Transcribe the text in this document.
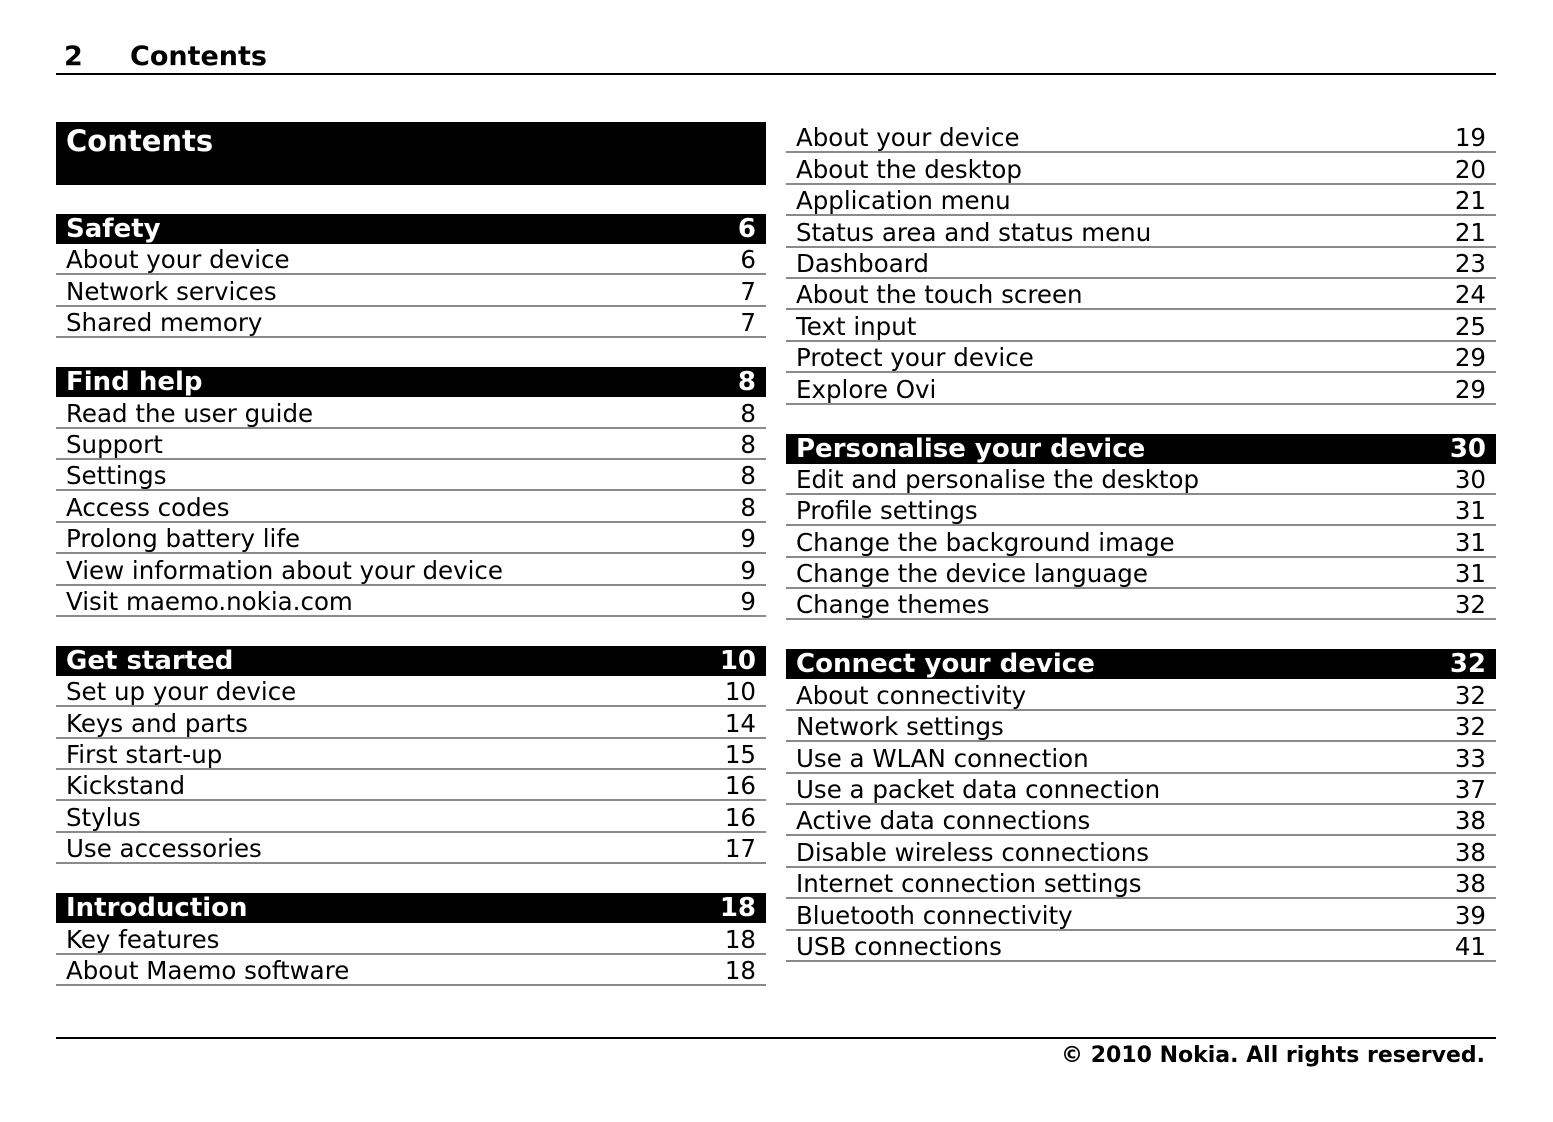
2 Contents
Contents
Safety	6
About your device	6
Network services	7
Shared memory	7
Find help	8
Read the user guide	8
Support	8
Settings	8
Access codes	8
Prolong battery life	9
View information about your device	9
Visit maemo.nokia.com	9
Get started	10
Set up your device	10
Keys and parts	14
First start-up	15
Kickstand	16
Stylus	16
Use accessories	17
Introduction	18
Key features	18
About Maemo software	18
About your device	19
About the desktop	20
Application menu	21
Status area and status menu	21
Dashboard	23
About the touch screen	24
Text input	25
Protect your device	29
Explore Ovi	29
Personalise your device	30
Edit and personalise the desktop	30
Profile settings	31
Change the background image	31
Change the device language	31
Change themes	32
Connect your device	32
About connectivity	32
Network settings	32
Use a WLAN connection	33
Use a packet data connection	37
Active data connections	38
Disable wireless connections	38
Internet connection settings	38
Bluetooth connectivity	39
USB connections	41
© 2010 Nokia. All rights reserved.
